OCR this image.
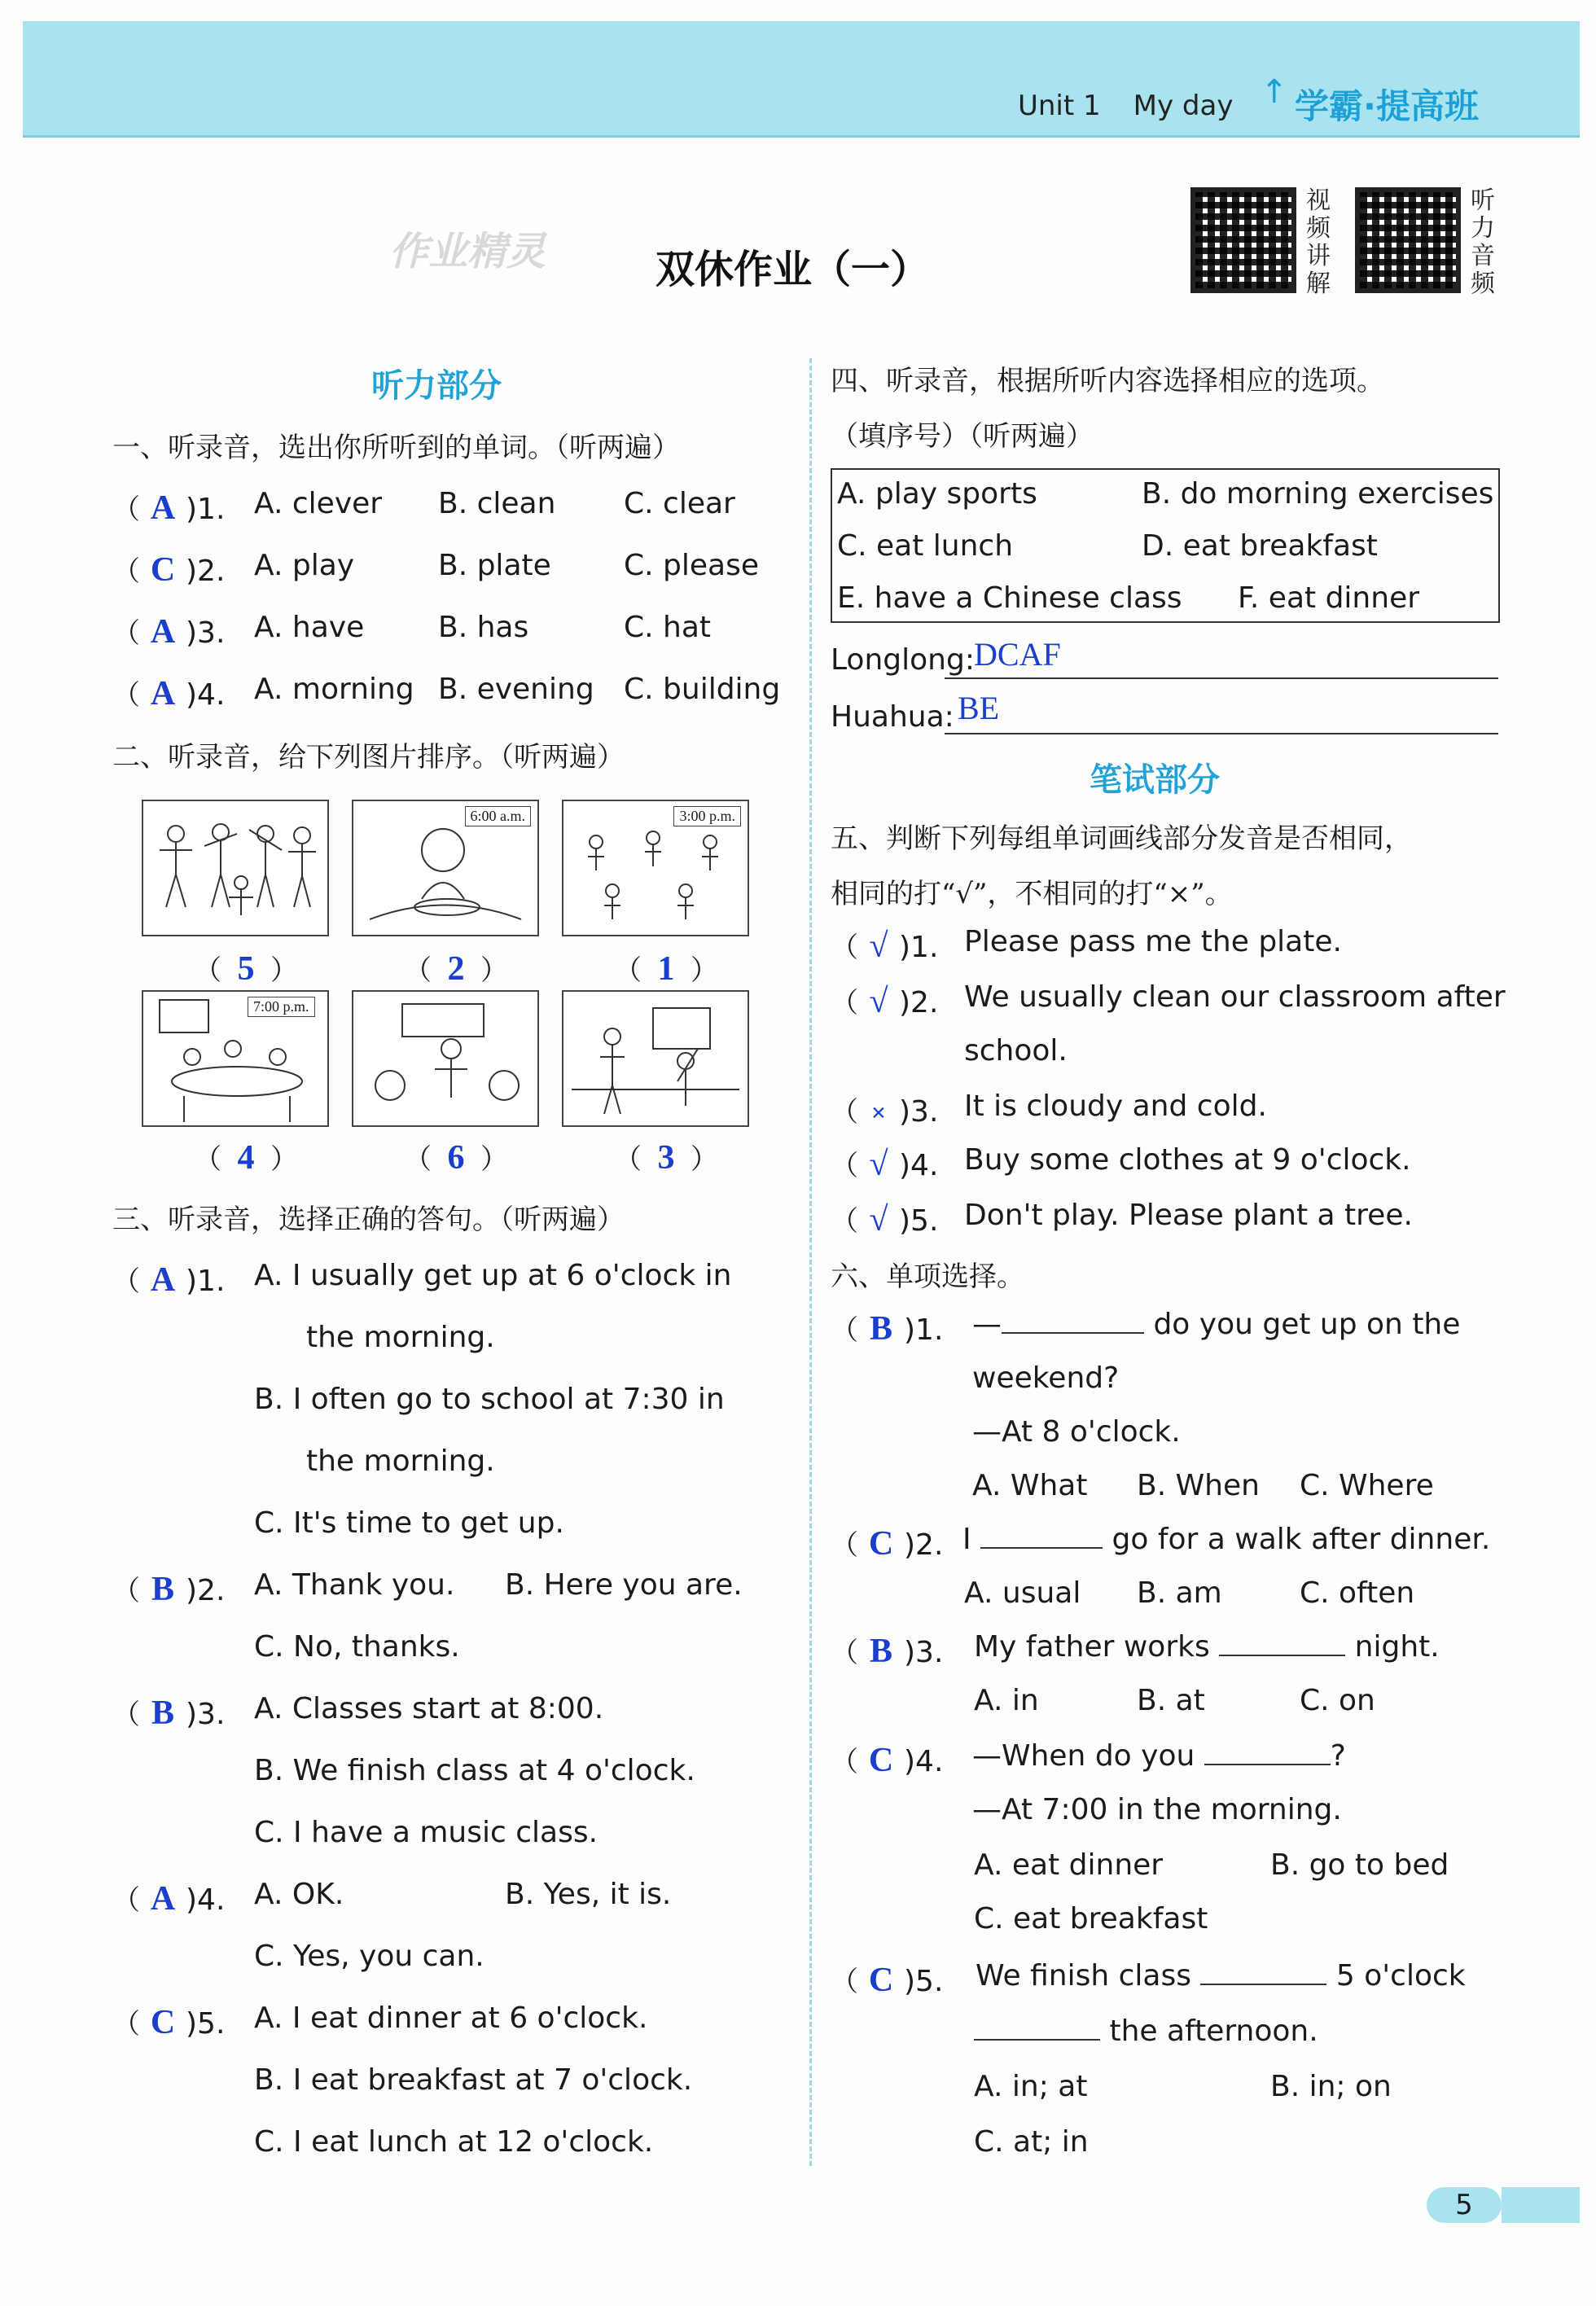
Unit 1 My day ↑ 学霸·提高班
作业精灵	双休作业（一）
视频讲解
听力音频
听力部分
一、听录音，选出你所听到的单词。（听两遍）
（ A )1. A. clever B. clean C. clear
（ C )2. A. play	B. plate C. please
（ A )3. A. have	B. has	C. hat
（ A )4. A. morning B. evening C. building
二、听录音，给下列图片排序。（听两遍）
6:00 a.m.	3:00 p.m.
（ 5 ）	（ 2 ）	（ 1 ）
7:00 p.m.
（ 4 ）	（ 6 ）	（ 3 ）
三、听录音，选择正确的答句。（听两遍）
（ A )1. A. I usually get up at 6 o'clock in
the morning.
B. I often go to school at 7:30 in
the morning.
C. It's time to get up.
（ B )2. A. Thank you. B. Here you are.
C. No, thanks.
（ B )3. A. Classes start at 8:00.
B. We finish class at 4 o'clock.
C. I have a music class.
（ A )4. A. OK.	B. Yes, it is.
C. Yes, you can.
（ C )5. A. I eat dinner at 6 o'clock.
B. I eat breakfast at 7 o'clock.
C. I eat lunch at 12 o'clock.
四、听录音，根据所听内容选择相应的选项。
（填序号）（听两遍）
A. play sports	B. do morning exercises
C. eat lunch	D. eat breakfast
E. have a Chinese class F. eat dinner
Longlong: DCAF
Huahua: BE
笔试部分
五、判断下列每组单词画线部分发音是否相同，
相同的打“√”，不相同的打“×”。
（ √ )1. Please pass me the plate.
（ √ )2. We usually clean our classroom after
school.
（ × )3. It is cloudy and cold.
（ √ )4. Buy some clothes at 9 o'clock.
（ √ )5. Don't play. Please plant a tree.
六、单项选择。
（ B )1. —	do you get up on the
weekend?
—At 8 o'clock.
A. What B. When C. Where
（ C )2. I	go for a walk after dinner.
A. usual B. am	C. often
（ B )3. My father works	night.
A. in	B. at	C. on
（ C )4. —When do you	?
—At 7:00 in the morning.
A. eat dinner	B. go to bed
C. eat breakfast
（ C )5. We finish class	5 o'clock
the afternoon.
A. in; at	B. in; on
C. at; in
5
